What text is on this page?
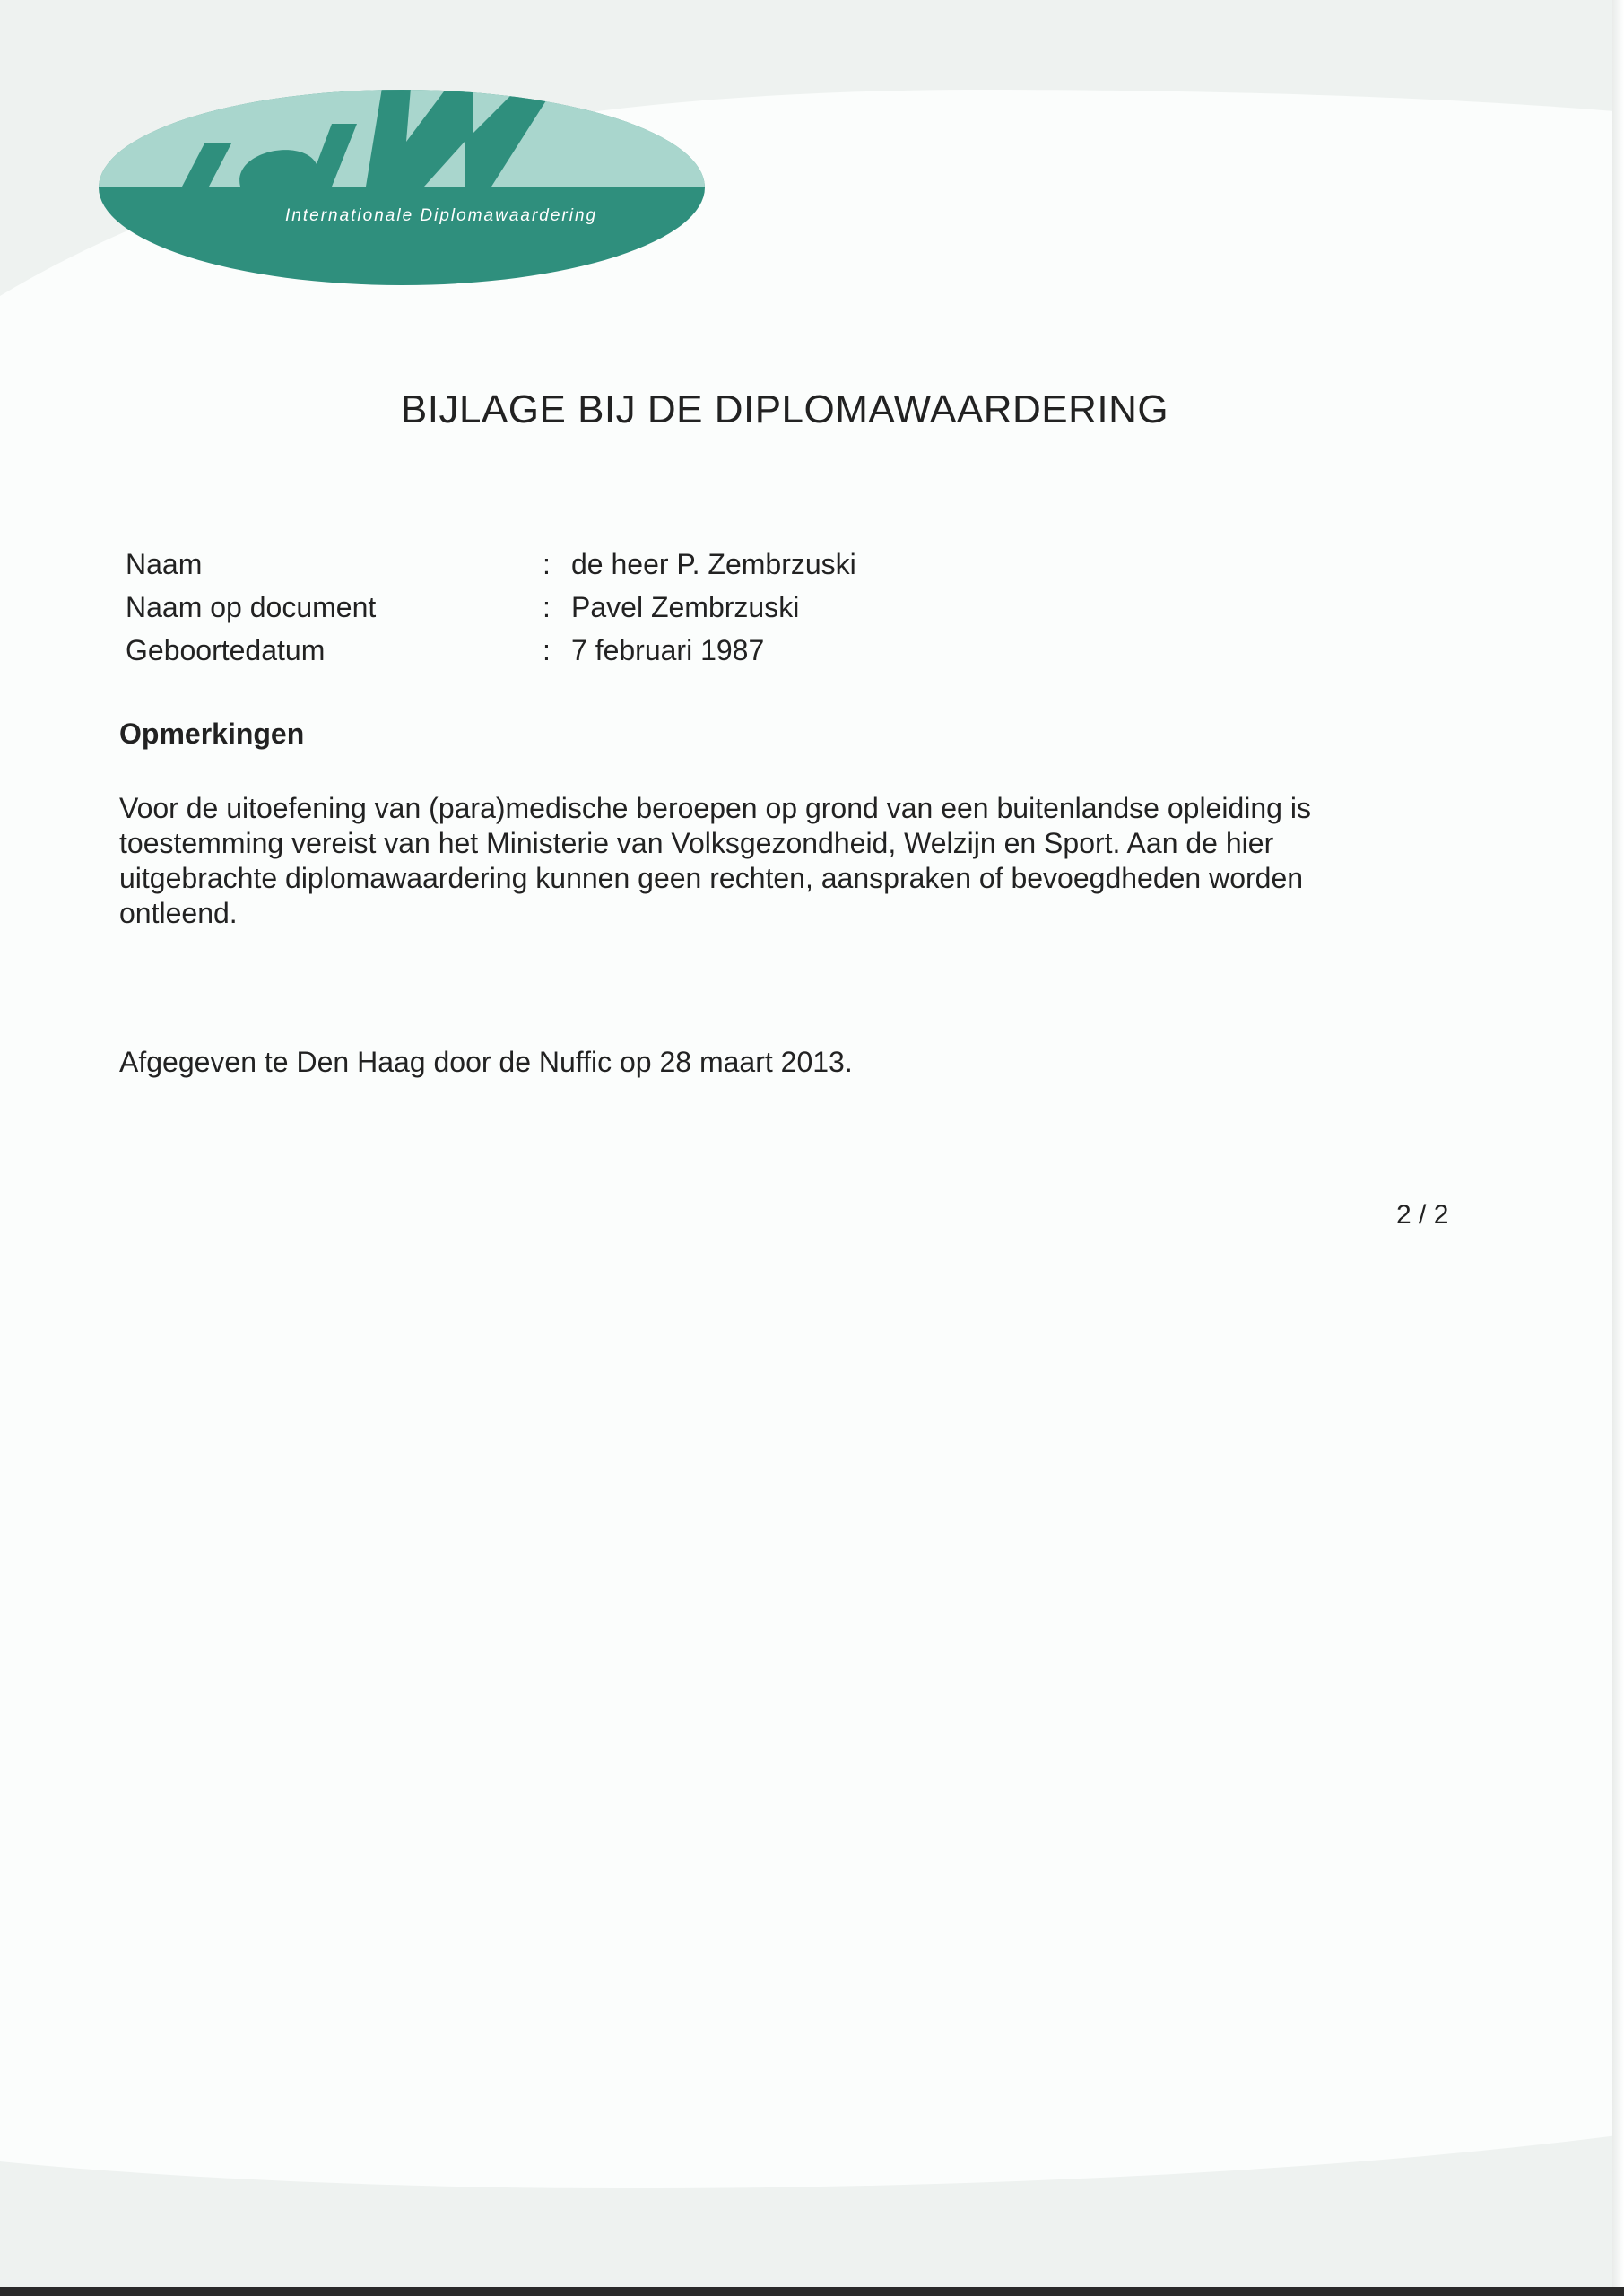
Internationale Diplomawaardering
BIJLAGE BIJ DE DIPLOMAWAARDERING
Naam	: de heer P. Zembrzuski
Naam op document	: Pavel Zembrzuski
Geboortedatum	: 7 februari 1987
Opmerkingen
Voor de uitoefening van (para)medische beroepen op grond van een buitenlandse opleiding is toestemming vereist van het Ministerie van Volksgezondheid, Welzijn en Sport. Aan de hier uitgebrachte diplomawaardering kunnen geen rechten, aanspraken of bevoegdheden worden ontleend.
Afgegeven te Den Haag door de Nuffic op 28 maart 2013.
2 / 2
